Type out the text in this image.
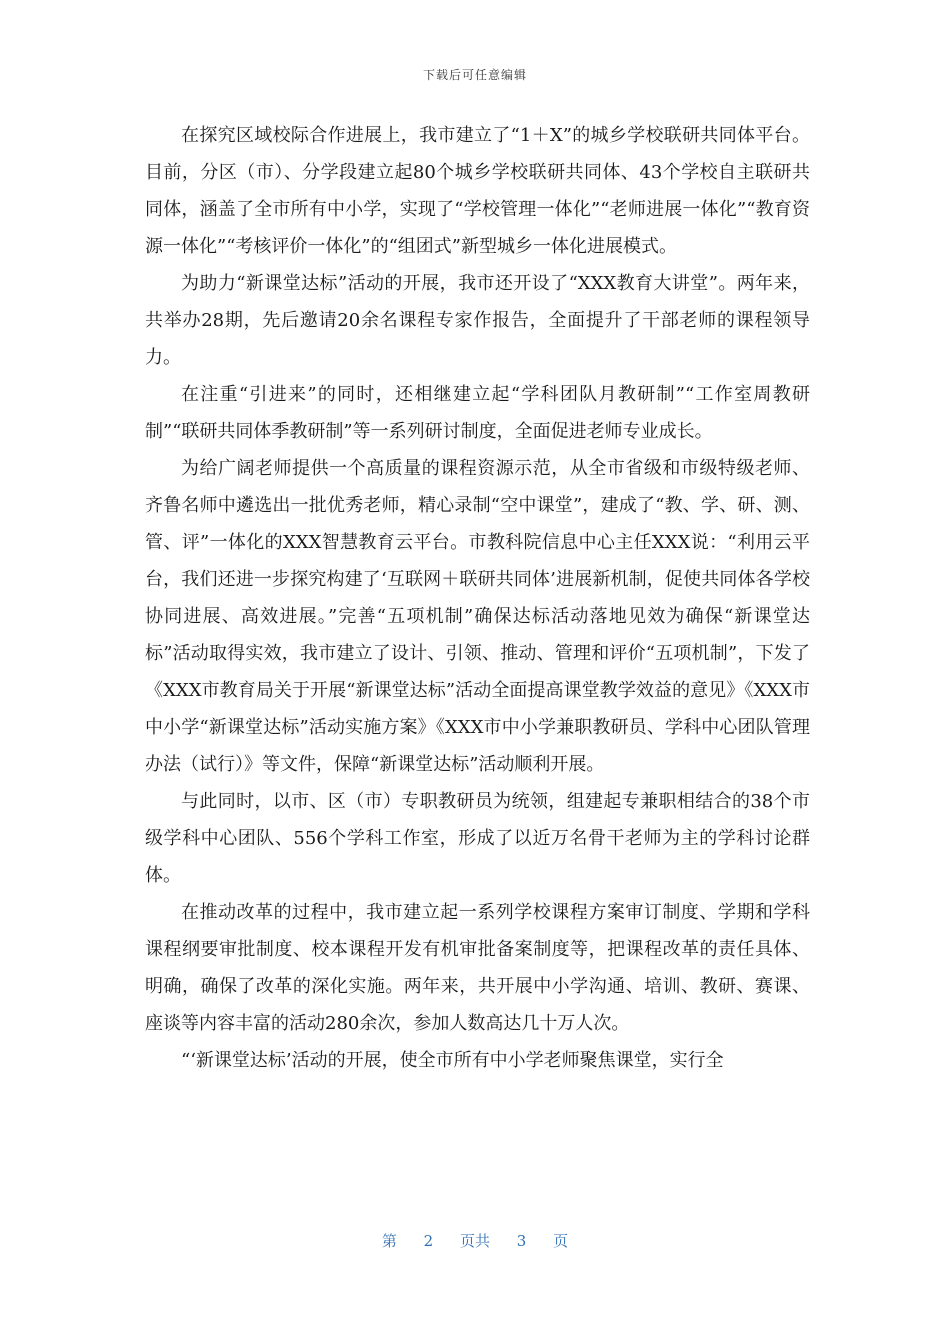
下载后可任意编辑

在探究区域校际合作进展上，我市建立了“1＋X”的城乡学校联研共同体平台。目前，分区（市）、分学段建立起80个城乡学校联研共同体、43个学校自主联研共同体，涵盖了全市所有中小学，实现了“学校管理一体化”“老师进展一体化”“教育资源一体化”“考核评价一体化”的“组团式”新型城乡一体化进展模式。

为助力“新课堂达标”活动的开展，我市还开设了“XXX教育大讲堂”。两年来，共举办28期，先后邀请20余名课程专家作报告，全面提升了干部老师的课程领导力。

在注重“引进来”的同时，还相继建立起“学科团队月教研制”“工作室周教研制”“联研共同体季教研制”等一系列研讨制度，全面促进老师专业成长。

为给广阔老师提供一个高质量的课程资源示范，从全市省级和市级特级老师、齐鲁名师中遴选出一批优秀老师，精心录制“空中课堂”，建成了“教、学、研、测、管、评”一体化的XXX智慧教育云平台。市教科院信息中心主任XXX说：“利用云平台，我们还进一步探究构建了‘互联网＋联研共同体’进展新机制，促使共同体各学校协同进展、高效进展。”完善“五项机制”确保达标活动落地见效为确保“新课堂达标”活动取得实效，我市建立了设计、引领、推动、管理和评价“五项机制”，下发了《XXX市教育局关于开展“新课堂达标”活动全面提高课堂教学效益的意见》《XXX市中小学“新课堂达标”活动实施方案》《XXX市中小学兼职教研员、学科中心团队管理办法（试行）》等文件，保障“新课堂达标”活动顺利开展。

与此同时，以市、区（市）专职教研员为统领，组建起专兼职相结合的38个市级学科中心团队、556个学科工作室，形成了以近万名骨干老师为主的学科讨论群体。

在推动改革的过程中，我市建立起一系列学校课程方案审订制度、学期和学科课程纲要审批制度、校本课程开发有机审批备案制度等，把课程改革的责任具体、明确，确保了改革的深化实施。两年来，共开展中小学沟通、培训、教研、赛课、座谈等内容丰富的活动280余次，参加人数高达几十万人次。

“‘新课堂达标’活动的开展，使全市所有中小学老师聚焦课堂，实行全

第 2 页共 3 页
